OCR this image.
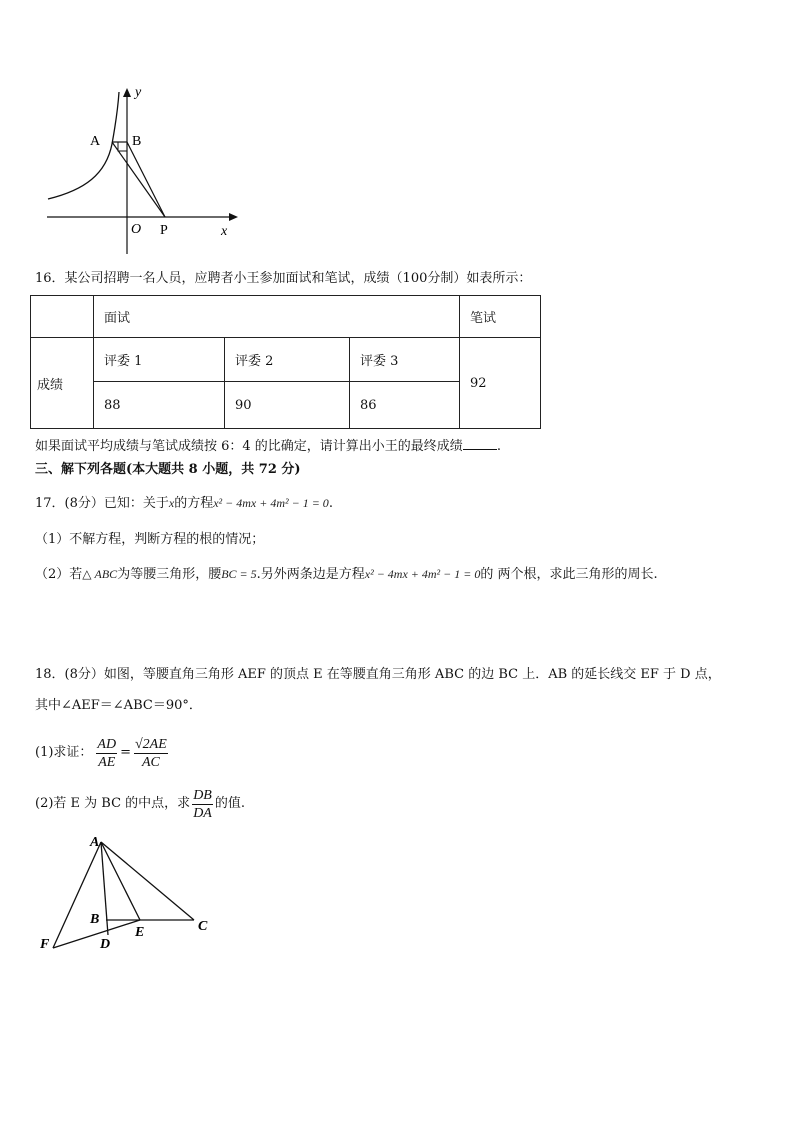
y
A B
O P	x
16．某公司招聘一名人员，应聘者小王参加面试和笔试，成绩（100分制）如表所示：
	面试			笔试
成绩	评委 1	评委 2	评委 3	92
	88	90	86	
如果面试平均成绩与笔试成绩按 6：4 的比确定，请计算出小王的最终成绩	.
三、解下列各题(本大题共 8 小题，共 72 分)
17．(8分）已知：关于x的方程x² − 4mx + 4m² − 1 = 0.
（1）不解方程，判断方程的根的情况；
（2）若△ ABC为等腰三角形，腰BC = 5.另外两条边是方程x² − 4mx + 4m² − 1 = 0的 两个根，求此三角形的周长.
18．(8分）如图，等腰直角三角形 AEF 的顶点 E 在等腰直角三角形 ABC 的边 BC 上．AB 的延长线交 EF 于 D 点，
其中∠AEF＝∠ABC＝90°．
(1)求证： $\frac{AD}{AE} = \frac{√2AE}{AC}$
(2)若 E 为 BC 的中点，求 $\frac{DB}{DA}$ 的值.
A
B	C
D
E
F
